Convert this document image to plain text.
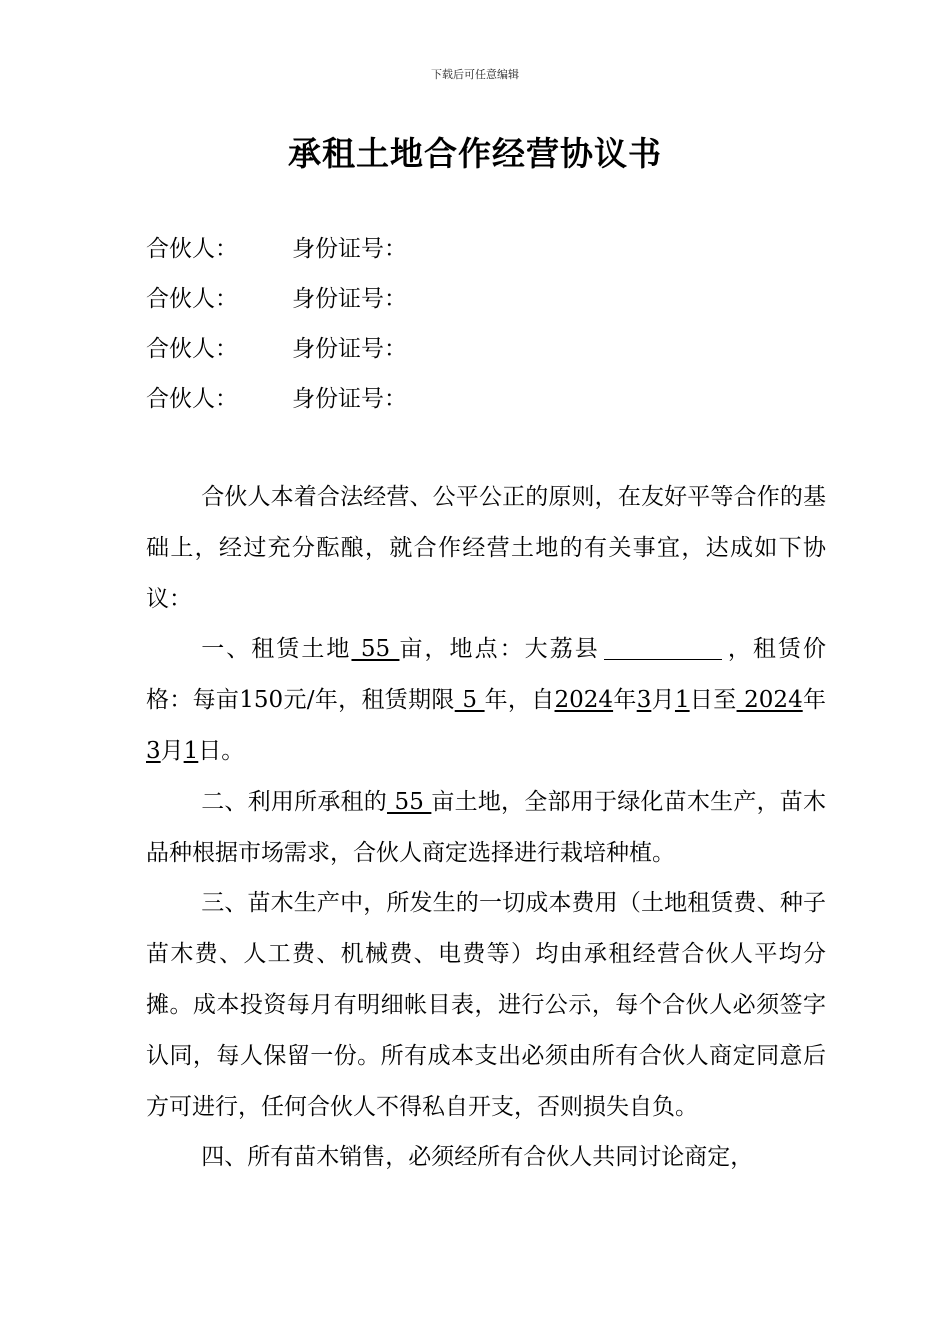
下载后可任意编辑
承租土地合作经营协议书
合伙人： 身份证号：
合伙人： 身份证号：
合伙人： 身份证号：
合伙人： 身份证号：

合伙人本着合法经营、公平公正的原则，在友好平等合作的基础上，经过充分酝酿，就合作经营土地的有关事宜，达成如下协议：

一、租赁土地 55 亩，地点：大荔县	，租赁价格：每亩150元/年，租赁期限 5 年，自2024年3月1日至 2024年3月1日。

二、利用所承租的 55 亩土地，全部用于绿化苗木生产，苗木品种根据市场需求，合伙人商定选择进行栽培种植。

三、苗木生产中，所发生的一切成本费用（土地租赁费、种子苗木费、人工费、机械费、电费等）均由承租经营合伙人平均分摊。成本投资每月有明细帐目表，进行公示，每个合伙人必须签字认同，每人保留一份。所有成本支出必须由所有合伙人商定同意后方可进行，任何合伙人不得私自开支，否则损失自负。

四、所有苗木销售，必须经所有合伙人共同讨论商定，
